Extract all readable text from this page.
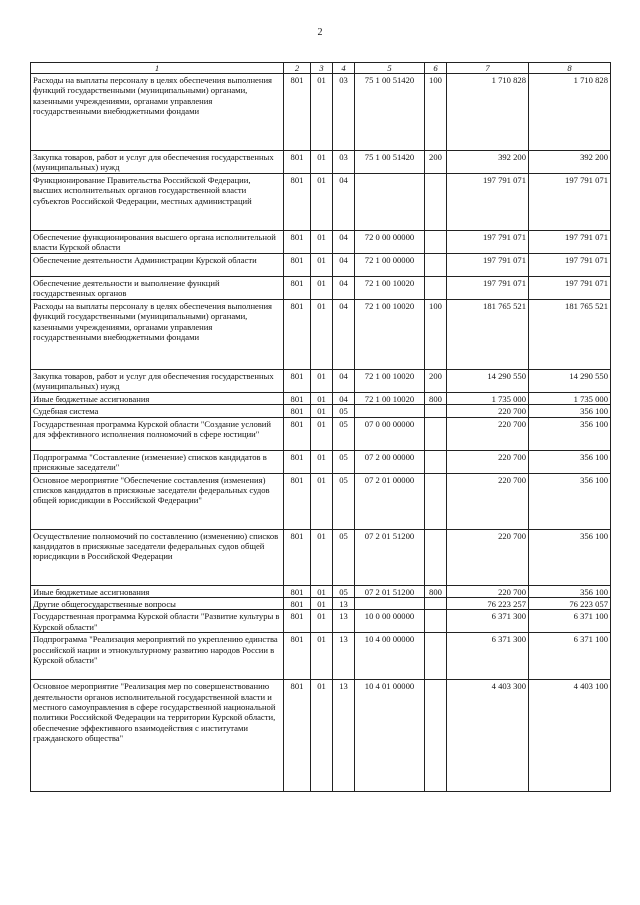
2
1	2	3	4	5	6	7	8
Расходы на выплаты персоналу в целях обеспечения выполнения функций государственными (муниципальными) органами, казенными учреждениями, органами управления государственными внебюджетными фондами	801	01	03	75 1 00 51420	100	1 710 828	1 710 828
Закупка товаров, работ и услуг для обеспечения государственных (муниципальных) нужд	801	01	03	75 1 00 51420	200	392 200	392 200
Функционирование Правительства Российской Федерации, высших исполнительных органов государственной власти субъектов Российской Федерации, местных администраций	801	01	04			197 791 071	197 791 071
Обеспечение функционирования высшего органа исполнительной власти Курской области	801	01	04	72 0 00 00000		197 791 071	197 791 071
Обеспечение деятельности Администрации Курской области	801	01	04	72 1 00 00000		197 791 071	197 791 071
Обеспечение деятельности и выполнение функций государственных органов	801	01	04	72 1 00 10020		197 791 071	197 791 071
Расходы на выплаты персоналу в целях обеспечения выполнения функций государственными (муниципальными) органами, казенными учреждениями, органами управления государственными внебюджетными фондами	801	01	04	72 1 00 10020	100	181 765 521	181 765 521
Закупка товаров, работ и услуг для обеспечения государственных (муниципальных) нужд	801	01	04	72 1 00 10020	200	14 290 550	14 290 550
Иные бюджетные ассигнования	801	01	04	72 1 00 10020	800	1 735 000	1 735 000
Судебная система	801	01	05			220 700	356 100
Государственная программа Курской области "Создание условий для эффективного исполнения полномочий в сфере юстиции"	801	01	05	07 0 00 00000		220 700	356 100
Подпрограмма "Составление (изменение) списков кандидатов в присяжные заседатели"	801	01	05	07 2 00 00000		220 700	356 100
Основное мероприятие "Обеспечение составления (изменения) списков кандидатов в присяжные заседатели федеральных судов общей юрисдикции в Российской Федерации"	801	01	05	07 2 01 00000		220 700	356 100
Осуществление полномочий по составлению (изменению) списков кандидатов в присяжные заседатели федеральных судов общей юрисдикции в Российской Федерации	801	01	05	07 2 01 51200		220 700	356 100
Иные бюджетные ассигнования	801	01	05	07 2 01 51200	800	220 700	356 100
Другие общегосударственные вопросы	801	01	13			76 223 257	76 223 057
Государственная программа Курской области "Развитие культуры в Курской области"	801	01	13	10 0 00 00000		6 371 300	6 371 100
Подпрограмма "Реализация мероприятий по укреплению единства российской нации и этнокультурному развитию народов России в Курской области"	801	01	13	10 4 00 00000		6 371 300	6 371 100
Основное мероприятие "Реализация мер по совершенствованию деятельности органов исполнительной государственной власти и местного самоуправления в сфере государственной национальной политики Российской Федерации на территории Курской области, обеспечение эффективного взаимодействия с институтами гражданского общества"	801	01	13	10 4 01 00000		4 403 300	4 403 100
